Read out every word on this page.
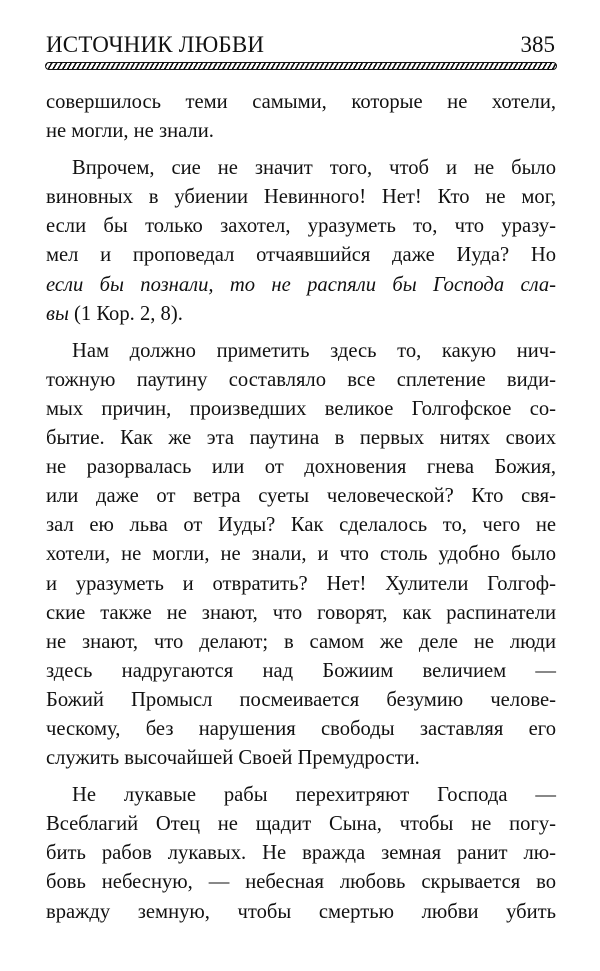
ИСТОЧНИК ЛЮБВИ	385
совершилось теми самыми, которые не хотели,
не могли, не знали.
Впрочем, сие не значит того, чтоб и не было
виновных в убиении Невинного! Нет! Кто не мог,
если бы только захотел, уразуметь то, что уразу-
мел и проповедал отчаявшийся даже Иуда? Но
если бы познали, то не распяли бы Господа сла-
вы (1 Кор. 2, 8).
Нам должно приметить здесь то, какую нич-
тожную паутину составляло все сплетение види-
мых причин, произведших великое Голгофское со-
бытие. Как же эта паутина в первых нитях своих
не разорвалась или от дохновения гнева Божия,
или даже от ветра суеты человеческой? Кто свя-
зал ею льва от Иуды? Как сделалось то, чего не
хотели, не могли, не знали, и что столь удобно было
и уразуметь и отвратить? Нет! Хулители Голгоф-
ские также не знают, что говорят, как распинатели
не знают, что делают; в самом же деле не люди
здесь надругаются над Божиим величием —
Божий Промысл посмеивается безумию челове-
ческому, без нарушения свободы заставляя его
служить высочайшей Своей Премудрости.
Не лукавые рабы перехитряют Господа —
Всеблагий Отец не щадит Сына, чтобы не погу-
бить рабов лукавых. Не вражда земная ранит лю-
бовь небесную, — небесная любовь скрывается во
вражду земную, чтобы смертью любви убить
